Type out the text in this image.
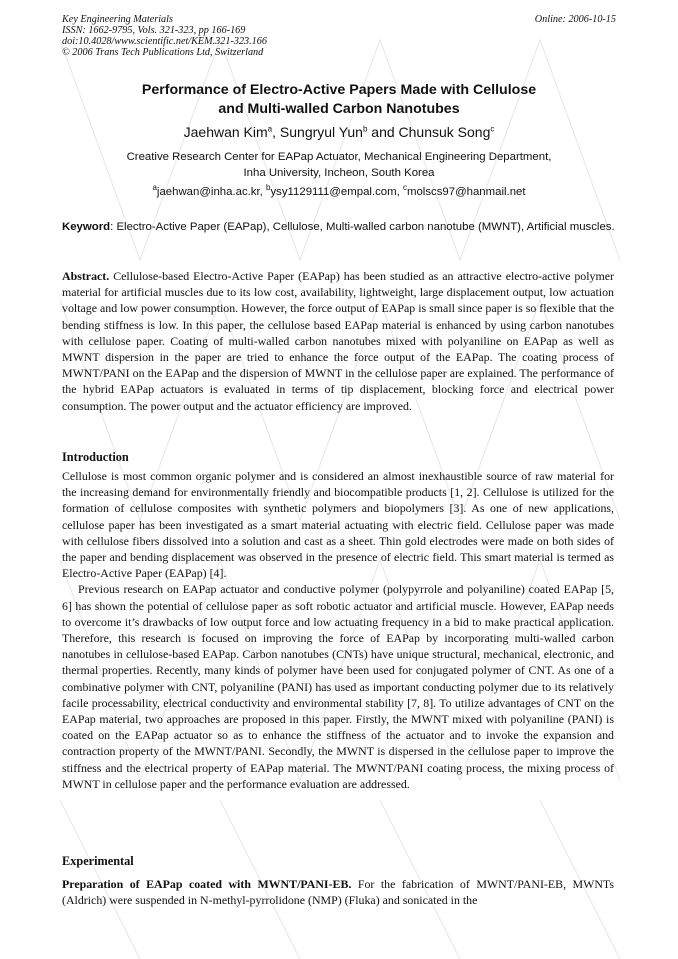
Key Engineering Materials
ISSN: 1662-9795, Vols. 321-323, pp 166-169
doi:10.4028/www.scientific.net/KEM.321-323.166
© 2006 Trans Tech Publications Ltd, Switzerland
Online: 2006-10-15
Performance of Electro-Active Papers Made with Cellulose
and Multi-walled Carbon Nanotubes
Jaehwan Kim$^a$, Sungryul Yun$^b$ and Chunsuk Song$^c$
Creative Research Center for EAPap Actuator, Mechanical Engineering Department,
Inha University, Incheon, South Korea
$^a$jaehwan@inha.ac.kr, $^b$ysy1129111@empal.com, $^c$molscs97@hanmail.net
Keyword: Electro-Active Paper (EAPap), Cellulose, Multi-walled carbon nanotube (MWNT), Artificial muscles.
Abstract. Cellulose-based Electro-Active Paper (EAPap) has been studied as an attractive electro-active polymer material for artificial muscles due to its low cost, availability, lightweight, large displacement output, low actuation voltage and low power consumption. However, the force output of EAPap is small since paper is so flexible that the bending stiffness is low. In this paper, the cellulose based EAPap material is enhanced by using carbon nanotubes with cellulose paper. Coating of multi-walled carbon nanotubes mixed with polyaniline on EAPap as well as MWNT dispersion in the paper are tried to enhance the force output of the EAPap. The coating process of MWNT/PANI on the EAPap and the dispersion of MWNT in the cellulose paper are explained. The performance of the hybrid EAPap actuators is evaluated in terms of tip displacement, blocking force and electrical power consumption. The power output and the actuator efficiency are improved.
Introduction

Cellulose is most common organic polymer and is considered an almost inexhaustible source of raw material for the increasing demand for environmentally friendly and biocompatible products [1, 2]. Cellulose is utilized for the formation of cellulose composites with synthetic polymers and biopolymers [3]. As one of new applications, cellulose paper has been investigated as a smart material actuating with electric field. Cellulose paper was made with cellulose fibers dissolved into a solution and cast as a sheet. Thin gold electrodes were made on both sides of the paper and bending displacement was observed in the presence of electric field. This smart material is termed as Electro-Active Paper (EAPap) [4].

Previous research on EAPap actuator and conductive polymer (polypyrrole and polyaniline) coated EAPap [5, 6] has shown the potential of cellulose paper as soft robotic actuator and artificial muscle. However, EAPap needs to overcome it’s drawbacks of low output force and low actuating frequency in a bid to make practical application. Therefore, this research is focused on improving the force of EAPap by incorporating multi-walled carbon nanotubes in cellulose-based EAPap. Carbon nanotubes (CNTs) have unique structural, mechanical, electronic, and thermal properties. Recently, many kinds of polymer have been used for conjugated polymer of CNT. As one of a combinative polymer with CNT, polyaniline (PANI) has used as important conducting polymer due to its relatively facile processability, electrical conductivity and environmental stability [7, 8]. To utilize advantages of CNT on the EAPap material, two approaches are proposed in this paper. Firstly, the MWNT mixed with polyaniline (PANI) is coated on the EAPap actuator so as to enhance the stiffness of the actuator and to invoke the expansion and contraction property of the MWNT/PANI. Secondly, the MWNT is dispersed in the cellulose paper to improve the stiffness and the electrical property of EAPap material. The MWNT/PANI coating process, the mixing process of MWNT in cellulose paper and the performance evaluation are addressed.

Experimental
Preparation of EAPap coated with MWNT/PANI-EB. For the fabrication of MWNT/PANI-EB, MWNTs (Aldrich) were suspended in N-methyl-pyrrolidone (NMP) (Fluka) and sonicated in the
